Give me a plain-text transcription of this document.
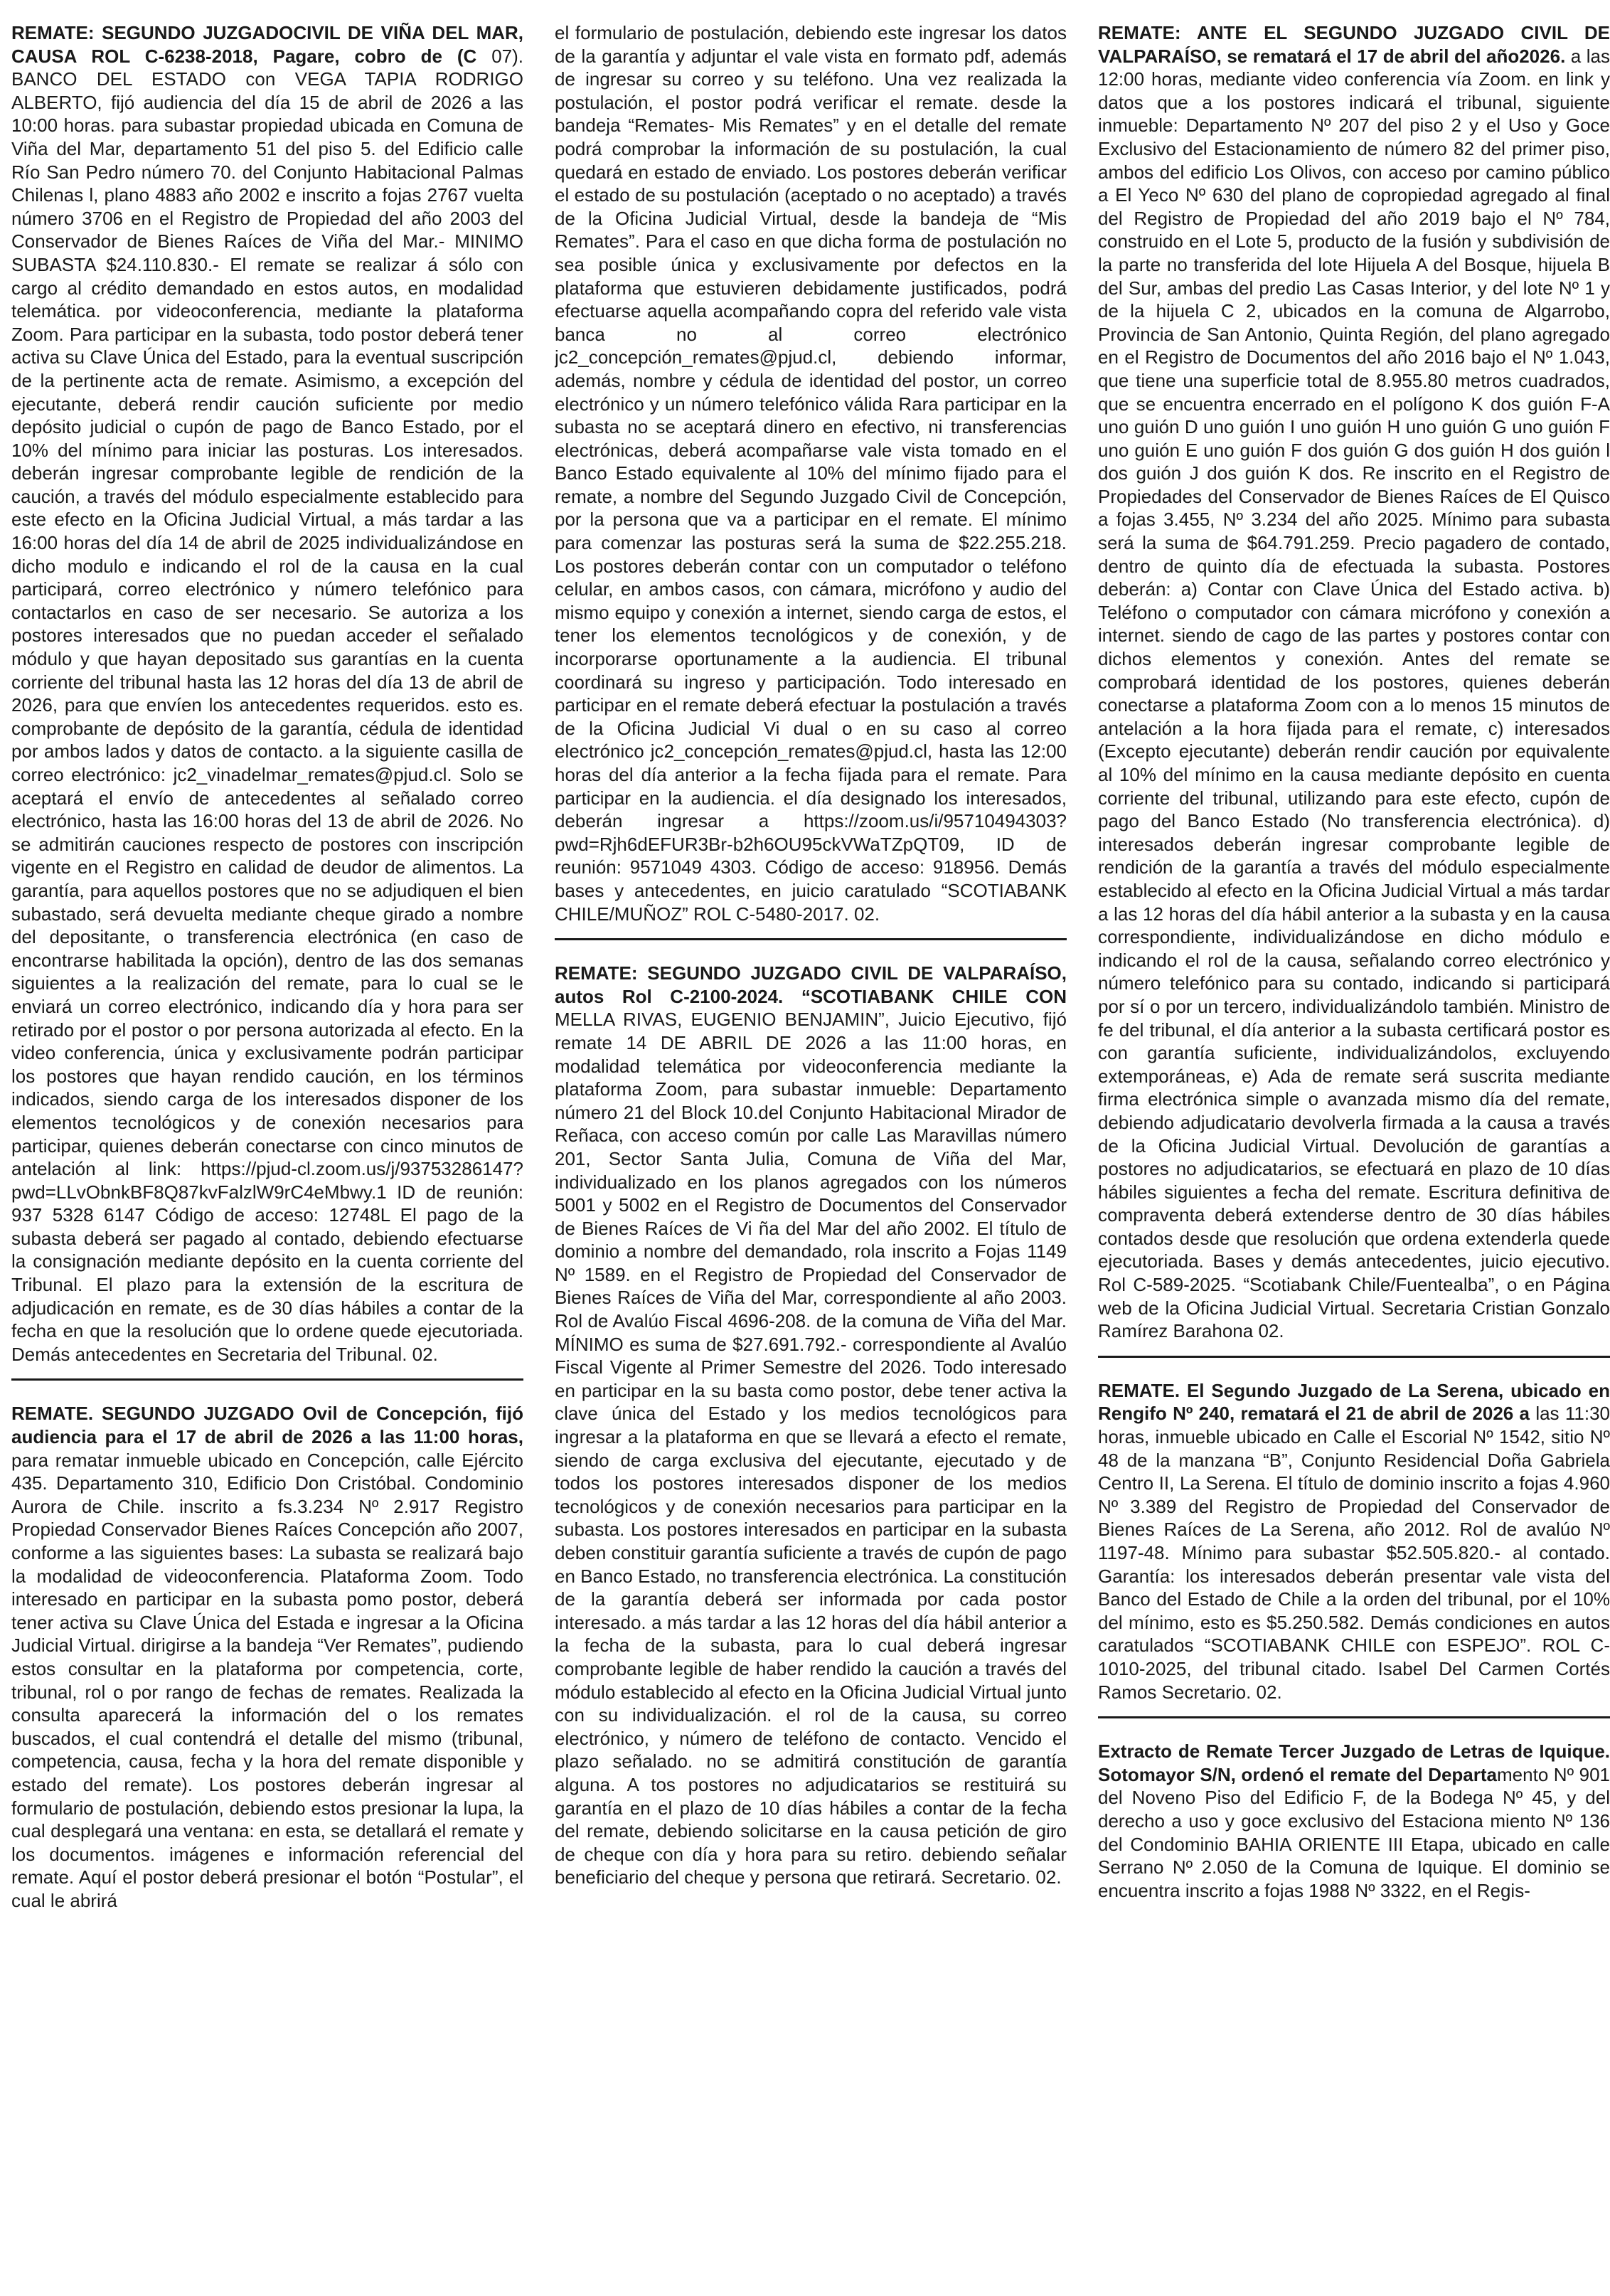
REMATE: SEGUNDO JUZGADOCIVIL DE VIÑA DEL MAR, CAUSA ROL C-6238-2018, Pagare, cobro de (C 07). BANCO DEL ESTADO con VEGA TAPIA RODRIGO ALBERTO, fijó audiencia del día 15 de abril de 2026 a las 10:00 horas. para subastar propiedad ubicada en Comuna de Viña del Mar, departamento 51 del piso 5. del Edificio calle Río San Pedro número 70. del Conjunto Habitacional Palmas Chilenas l, plano 4883 año 2002 e inscrito a fojas 2767 vuelta número 3706 en el Registro de Propiedad del año 2003 del Conservador de Bienes Raíces de Viña del Mar.- MINIMO SUBASTA $24.110.830.- El remate se realizar á sólo con cargo al crédito demandado en estos autos, en modalidad telemática. por videoconferencia, mediante la plataforma Zoom. Para participar en la subasta, todo postor deberá tener activa su Clave Única del Estado, para la eventual suscripción de la pertinente acta de remate. Asimismo, a excepción del ejecutante, deberá rendir caución suficiente por medio depósito judicial o cupón de pago de Banco Estado, por el 10% del mínimo para iniciar las posturas. Los interesados. deberán ingresar comprobante legible de rendición de la caución, a través del módulo especialmente establecido para este efecto en la Oficina Judicial Virtual, a más tardar a las 16:00 horas del día 14 de abril de 2025 individualizándose en dicho modulo e indicando el rol de la causa en la cual participará, correo electrónico y número telefónico para contactarlos en caso de ser necesario. Se autoriza a los postores interesados que no puedan acceder el señalado módulo y que hayan depositado sus garantías en la cuenta corriente del tribunal hasta las 12 horas del día 13 de abril de 2026, para que envíen los antecedentes requeridos. esto es. comprobante de depósito de la garantía, cédula de identidad por ambos lados y datos de contacto. a la siguiente casilla de correo electrónico: jc2_vinadelmar_remates@pjud.cl. Solo se aceptará el envío de antecedentes al señalado correo electrónico, hasta las 16:00 horas del 13 de abril de 2026. No se admitirán cauciones respecto de postores con inscripción vigente en el Registro en calidad de deudor de alimentos. La garantía, para aquellos postores que no se adjudiquen el bien subastado, será devuelta mediante cheque girado a nombre del depositante, o transferencia electrónica (en caso de encontrarse habilitada la opción), dentro de las dos semanas siguientes a la realización del remate, para lo cual se le enviará un correo electrónico, indicando día y hora para ser retirado por el postor o por persona autorizada al efecto. En la video conferencia, única y exclusivamente podrán participar los postores que hayan rendido caución, en los términos indicados, siendo carga de los interesados disponer de los elementos tecnológicos y de conexión necesarios para participar, quienes deberán conectarse con cinco minutos de antelación al link: https://pjud-cl.zoom.us/j/93753286147?pwd=LLvObnkBF8Q87kvFalzlW9rC4eMbwy.1 ID de reunión: 937 5328 6147 Código de acceso: 12748L El pago de la subasta deberá ser pagado al contado, debiendo efectuarse la consignación mediante depósito en la cuenta corriente del Tribunal. El plazo para la extensión de la escritura de adjudicación en remate, es de 30 días hábiles a contar de la fecha en que la resolución que lo ordene quede ejecutoriada. Demás antecedentes en Secretaria del Tribunal. 02.

REMATE. SEGUNDO JUZGADO Ovil de Concepción, fijó audiencia para el 17 de abril de 2026 a las 11:00 horas, para rematar inmueble ubicado en Concepción, calle Ejército 435. Departamento 310, Edificio Don Cristóbal. Condominio Aurora de Chile. inscrito a fs.3.234 Nº 2.917 Registro Propiedad Conservador Bienes Raíces Concepción año 2007, conforme a las siguientes bases: La subasta se realizará bajo la modalidad de videoconferencia. Plataforma Zoom. Todo interesado en participar en la subasta pomo postor, deberá tener activa su Clave Única del Estada e ingresar a la Oficina Judicial Virtual. dirigirse a la bandeja “Ver Remates”, pudiendo estos consultar en la plataforma por competencia, corte, tribunal, rol o por rango de fechas de remates. Realizada la consulta aparecerá la información del o los remates buscados, el cual contendrá el detalle del mismo (tribunal, competencia, causa, fecha y la hora del remate disponible y estado del remate). Los postores deberán ingresar al formulario de postulación, debiendo estos presionar la lupa, la cual desplegará una ventana: en esta, se detallará el remate y los documentos. imágenes e información referencial del remate. Aquí el postor deberá presionar el botón “Postular”, el cual le abrirá

el formulario de postulación, debiendo este ingresar los datos de la garantía y adjuntar el vale vista en formato pdf, además de ingresar su correo y su teléfono. Una vez realizada la postulación, el postor podrá verificar el remate. desde la bandeja “Remates- Mis Remates” y en el detalle del remate podrá comprobar la información de su postulación, la cual quedará en estado de enviado. Los postores deberán verificar el estado de su postulación (aceptado o no aceptado) a través de la Oficina Judicial Virtual, desde la bandeja de “Mis Remates”. Para el caso en que dicha forma de postulación no sea posible única y exclusivamente por defectos en la plataforma que estuvieren debidamente justificados, podrá efectuarse aquella acompañando copra del referido vale vista banca no al correo electrónico jc2_concepción_remates@pjud.cl, debiendo informar, además, nombre y cédula de identidad del postor, un correo electrónico y un número telefónico válida Rara participar en la subasta no se aceptará dinero en efectivo, ni transferencias electrónicas, deberá acompañarse vale vista tomado en el Banco Estado equivalente al 10% del mínimo fijado para el remate, a nombre del Segundo Juzgado Civil de Concepción, por la persona que va a participar en el remate. El mínimo para comenzar las posturas será la suma de $22.255.218. Los postores deberán contar con un computador o teléfono celular, en ambos casos, con cámara, micrófono y audio del mismo equipo y conexión a internet, siendo carga de estos, el tener los elementos tecnológicos y de conexión, y de incorporarse oportunamente a la audiencia. El tribunal coordinará su ingreso y participación. Todo interesado en participar en el remate deberá efectuar la postulación a través de la Oficina Judicial Vi dual o en su caso al correo electrónico jc2_concepción_remates@pjud.cl, hasta las 12:00 horas del día anterior a la fecha fijada para el remate. Para participar en la audiencia. el día designado los interesados, deberán ingresar a https://zoom.us/i/95710494303?pwd=Rjh6dEFUR3Br-b2h6OU95ckVWaTZpQT09, ID de reunión: 9571049 4303. Código de acceso: 918956. Demás bases y antecedentes, en juicio caratulado “SCOTIABANK CHILE/MUÑOZ” ROL C-5480-2017. 02.

REMATE: SEGUNDO JUZGADO CIVIL DE VALPARAÍSO, autos Rol C-2100-2024. “SCOTIABANK CHILE CON MELLA RIVAS, EUGENIO BENJAMIN”, Juicio Ejecutivo, fijó remate 14 DE ABRIL DE 2026 a las 11:00 horas, en modalidad telemática por videoconferencia mediante la plataforma Zoom, para subastar inmueble: Departamento número 21 del Block 10.del Conjunto Habitacional Mirador de Reñaca, con acceso común por calle Las Maravillas número 201, Sector Santa Julia, Comuna de Viña del Mar, individualizado en los planos agregados con los números 5001 y 5002 en el Registro de Documentos del Conservador de Bienes Raíces de Vi ña del Mar del año 2002. El título de dominio a nombre del demandado, rola inscrito a Fojas 1149 Nº 1589. en el Registro de Propiedad del Conservador de Bienes Raíces de Viña del Mar, correspondiente al año 2003. Rol de Avalúo Fiscal 4696-208. de la comuna de Viña del Mar. MÍNIMO es suma de $27.691.792.- correspondiente al Avalúo Fiscal Vigente al Primer Semestre del 2026. Todo interesado en participar en la su basta como postor, debe tener activa la clave única del Estado y los medios tecnológicos para ingresar a la plataforma en que se llevará a efecto el remate, siendo de carga exclusiva del ejecutante, ejecutado y de todos los postores interesados disponer de los medios tecnológicos y de conexión necesarios para participar en la subasta. Los postores interesados en participar en la subasta deben constituir garantía suficiente a través de cupón de pago en Banco Estado, no transferencia electrónica. La constitución de la garantía deberá ser informada por cada postor interesado. a más tardar a las 12 horas del día hábil anterior a la fecha de la subasta, para lo cual deberá ingresar comprobante legible de haber rendido la caución a través del módulo establecido al efecto en la Oficina Judicial Virtual junto con su individualización. el rol de la causa, su correo electrónico, y número de teléfono de contacto. Vencido el plazo señalado. no se admitirá constitución de garantía alguna. A tos postores no adjudicatarios se restituirá su garantía en el plazo de 10 días hábiles a contar de la fecha del remate, debiendo solicitarse en la causa petición de giro de cheque con día y hora para su retiro. debiendo señalar beneficiario del cheque y persona que retirará. Secretario. 02.

REMATE: ANTE EL SEGUNDO JUZGADO CIVIL DE VALPARAÍSO, se rematará el 17 de abril del año2026. a las 12:00 horas, mediante video conferencia vía Zoom. en link y datos que a los postores indicará el tribunal, siguiente inmueble: Departamento Nº 207 del piso 2 y el Uso y Goce Exclusivo del Estacionamiento de número 82 del primer piso, ambos del edificio Los Olivos, con acceso por camino público a El Yeco Nº 630 del plano de copropiedad agregado al final del Registro de Propiedad del año 2019 bajo el Nº 784, construido en el Lote 5, producto de la fusión y subdivisión de la parte no transferida del lote Hijuela A del Bosque, hijuela B del Sur, ambas del predio Las Casas Interior, y del lote Nº 1 y de la hijuela C 2, ubicados en la comuna de Algarrobo, Provincia de San Antonio, Quinta Región, del plano agregado en el Registro de Documentos del año 2016 bajo el Nº 1.043, que tiene una superficie total de 8.955.80 metros cuadrados, que se encuentra encerrado en el polígono K dos guión F-A uno guión D uno guión I uno guión H uno guión G uno guión F uno guión E uno guión F dos guión G dos guión H dos guión l dos guión J dos guión K dos. Re inscrito en el Registro de Propiedades del Conservador de Bienes Raíces de El Quisco a fojas 3.455, Nº 3.234 del año 2025. Mínimo para subasta será la suma de $64.791.259. Precio pagadero de contado, dentro de quinto día de efectuada la subasta. Postores deberán: a) Contar con Clave Única del Estado activa. b) Teléfono o computador con cámara micrófono y conexión a internet. siendo de cago de las partes y postores contar con dichos elementos y conexión. Antes del remate se comprobará identidad de los postores, quienes deberán conectarse a plataforma Zoom con a lo menos 15 minutos de antelación a la hora fijada para el remate, c) interesados (Excepto ejecutante) deberán rendir caución por equivalente al 10% del mínimo en la causa mediante depósito en cuenta corriente del tribunal, utilizando para este efecto, cupón de pago del Banco Estado (No transferencia electrónica). d) interesados deberán ingresar comprobante legible de rendición de la garantía a través del módulo especialmente establecido al efecto en la Oficina Judicial Virtual a más tardar a las 12 horas del día hábil anterior a la subasta y en la causa correspondiente, individualizándose en dicho módulo e indicando el rol de la causa, señalando correo electrónico y número telefónico para su contado, indicando si participará por sí o por un tercero, individualizándolo también. Ministro de fe del tribunal, el día anterior a la subasta certificará postor es con garantía suficiente, individualizándolos, excluyendo extemporáneas, e) Ada de remate será suscrita mediante firma electrónica simple o avanzada mismo día del remate, debiendo adjudicatario devolverla firmada a la causa a través de la Oficina Judicial Virtual. Devolución de garantías a postores no adjudicatarios, se efectuará en plazo de 10 días hábiles siguientes a fecha del remate. Escritura definitiva de compraventa deberá extenderse dentro de 30 días hábiles contados desde que resolución que ordena extenderla quede ejecutoriada. Bases y demás antecedentes, juicio ejecutivo. Rol C-589-2025. “Scotiabank Chile/Fuentealba”, o en Página web de la Oficina Judicial Virtual. Secretaria Cristian Gonzalo Ramírez Barahona 02.

REMATE. El Segundo Juzgado de La Serena, ubicado en Rengifo Nº 240, rematará el 21 de abril de 2026 a las 11:30 horas, inmueble ubicado en Calle el Escorial Nº 1542, sitio Nº 48 de la manzana “B”, Conjunto Residencial Doña Gabriela Centro II, La Serena. El título de dominio inscrito a fojas 4.960 Nº 3.389 del Registro de Propiedad del Conservador de Bienes Raíces de La Serena, año 2012. Rol de avalúo Nº 1197-48. Mínimo para subastar $52.505.820.- al contado. Garantía: los interesados deberán presentar vale vista del Banco del Estado de Chile a la orden del tribunal, por el 10% del mínimo, esto es $5.250.582. Demás condiciones en autos caratulados “SCOTIABANK CHILE con ESPEJO”. ROL C-1010-2025, del tribunal citado. Isabel Del Carmen Cortés Ramos Secretario. 02.

Extracto de Remate Tercer Juzgado de Letras de Iquique. Sotomayor S/N, ordenó el remate del Departamento Nº 901 del Noveno Piso del Edificio F, de la Bodega Nº 45, y del derecho a uso y goce exclusivo del Estaciona miento Nº 136 del Condominio BAHIA ORIENTE III Etapa, ubicado en calle Serrano Nº 2.050 de la Comuna de Iquique. El dominio se encuentra inscrito a fojas 1988 Nº 3322, en el Regis-
